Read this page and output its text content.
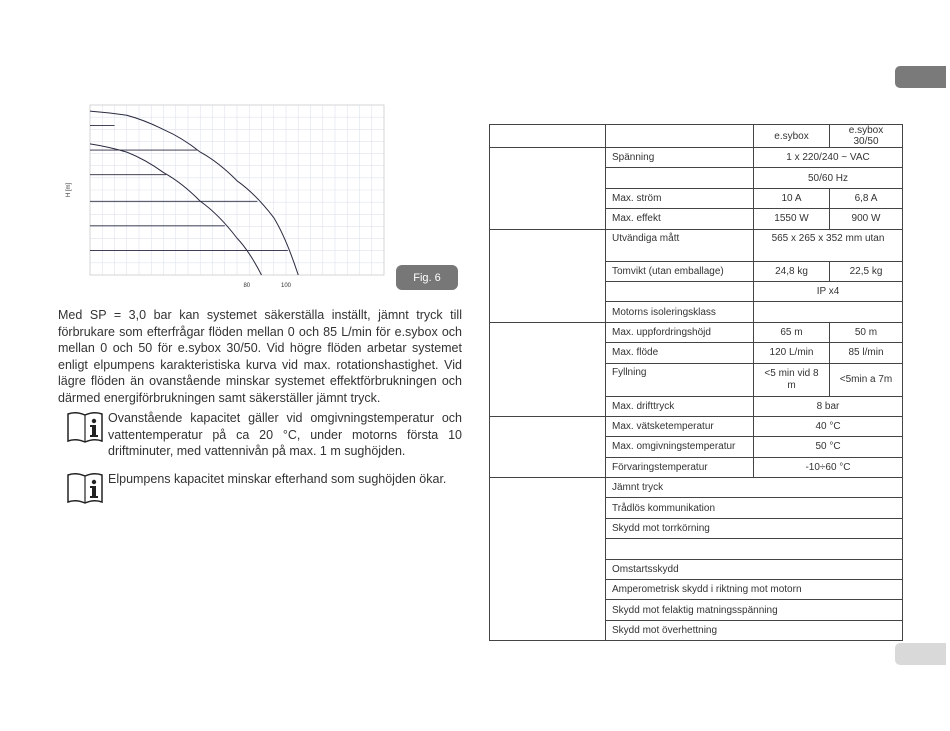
H [m]
80	100
Fig. 6

Med SP = 3,0 bar kan systemet säkerställa inställt, jämnt tryck till förbrukare som efterfrågar flöden mellan 0 och 85 L/min för e.sybox och mellan 0 och 50 för e.sybox 30/50. Vid högre flöden arbetar systemet enligt elpumpens karakteristiska kurva vid max. rotationshastighet. Vid lägre flöden än ovanstående minskar systemet effektförbrukningen och därmed energiförbrukningen samt säkerställer jämnt tryck.

Ovanstående kapacitet gäller vid omgivningstemperatur och vattentemperatur på ca 20 °C, under motorns första 10 driftminuter, med vattennivån på max. 1 m sughöjden.
Elpumpens kapacitet minskar efterhand som sughöjden ökar.
		e.sybox	e.sybox 30/50
	Spänning	1 x 220/240 ~ VAC	
		50/60 Hz	
	Max. ström	10 A	6,8 A
	Max. effekt	1550 W	900 W
	Utvändiga mått	565 x 265 x 352 mm utan	
	Tomvikt (utan emballage)	24,8 kg	22,5 kg
		IP x4	
	Motorns isoleringsklass		
	Max. uppfordringshöjd	65 m	50 m
	Max. flöde	120 L/min	85 l/min
	Fyllning	<5 min vid 8 m	<5min a 7m
	Max. drifttryck	8 bar	
	Max. vätsketemperatur	40 °C	
	Max. omgivningstemperatur	50 °C	
	Förvaringstemperatur	-10÷60 °C	
	Jämnt tryck		
	Trådlös kommunikation		
	Skydd mot torrkörning		

	Omstartsskydd		
	Amperometrisk skydd i riktning mot motorn		
	Skydd mot felaktig matningsspänning		
	Skydd mot överhettning		
